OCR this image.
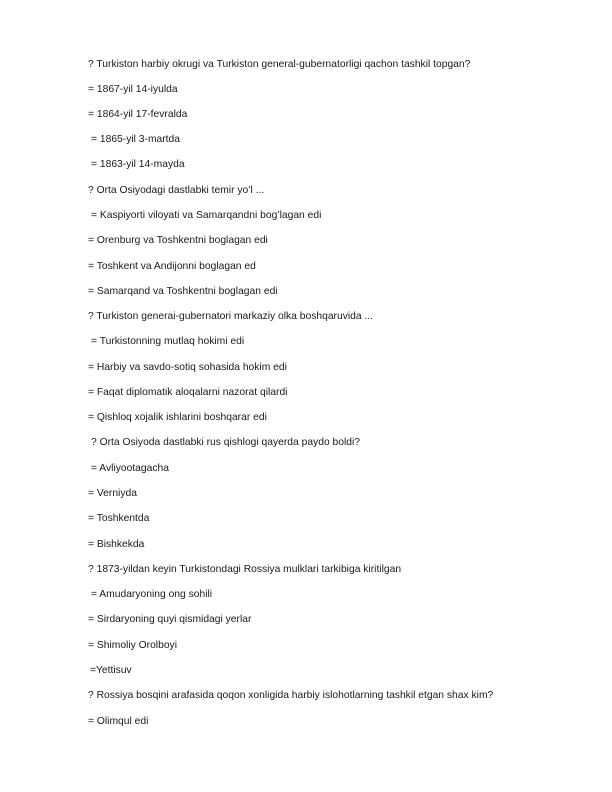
? Turkiston harbiy okrugi va Turkiston general-gubernatorligi qachon tashkil topgan?
= 1867-yil 14-iyulda
= 1864-yil 17-fevralda
= 1865-yil 3-martda
= 1863-yil 14-mayda
? Orta Osiyodagi dastlabki temir yo’l ...
= Kaspiyorti viloyati va Samarqandni bog’lagan edi
= Orenburg va Toshkentni boglagan edi
= Toshkent va Andijonni boglagan ed
= Samarqand va Toshkentni boglagan edi
? Turkiston generai-gubernatori markaziy olka boshqaruvida ...
= Turkistonning mutlaq hokimi edi
= Harbiy va savdo-sotiq sohasida hokim edi
= Faqat diplomatik aloqalarni nazorat qilardi
= Qishloq xojalik ishlarini boshqarar edi
? Orta Osiyoda dastlabki rus qishlogi qayerda paydo boldi?
= Avliyootagacha
= Verniyda
= Toshkentda
= Bishkekda
? 1873-yildan keyin Turkistondagi Rossiya mulklari tarkibiga kiritilgan
= Amudaryoning ong sohili
= Sirdaryoning quyi qismidagi yerlar
= Shimoliy Orolboyi
=Yettisuv
? Rossiya bosqini arafasida qoqon xonligida harbiy islohotlarning tashkil etgan shax kim?
= Olimqul edi
